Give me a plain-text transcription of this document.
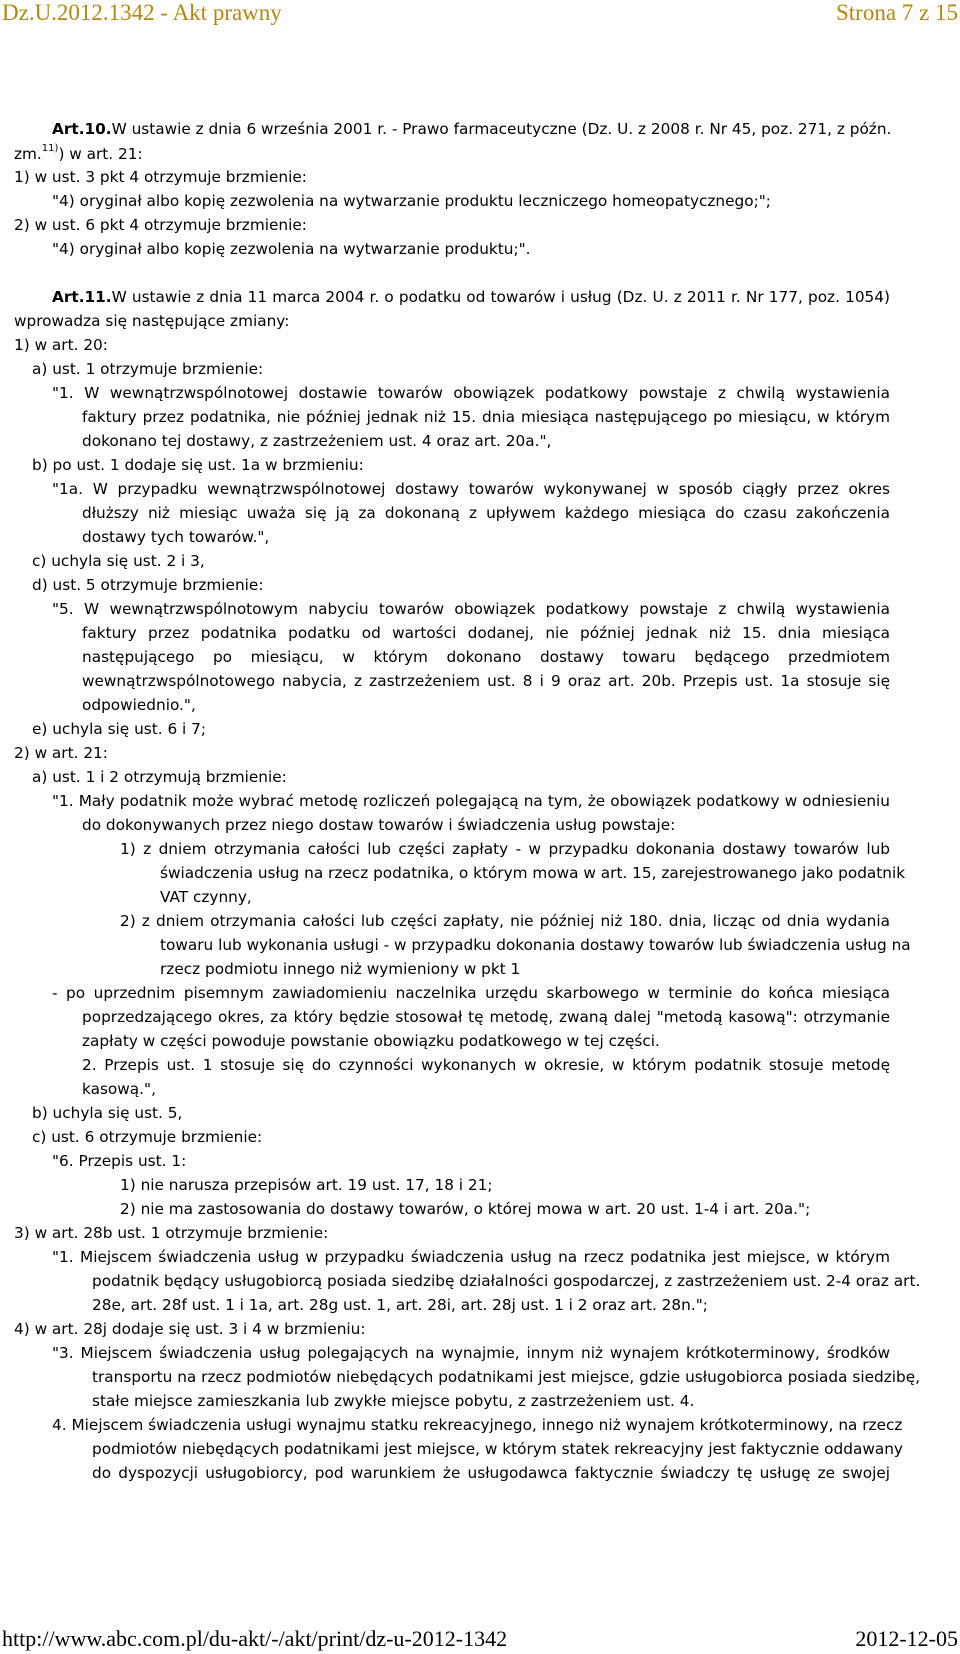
Dz.U.2012.1342 - Akt prawny	Strona 7 z 15
Art.10.W ustawie z dnia 6 września 2001 r. - Prawo farmaceutyczne (Dz. U. z 2008 r. Nr 45, poz. 271, z późn.
zm.$^{11)}$) w art. 21:
1) w ust. 3 pkt 4 otrzymuje brzmienie:
"4) oryginał albo kopię zezwolenia na wytwarzanie produktu leczniczego homeopatycznego;";
2) w ust. 6 pkt 4 otrzymuje brzmienie:
"4) oryginał albo kopię zezwolenia na wytwarzanie produktu;".
Art.11.W ustawie z dnia 11 marca 2004 r. o podatku od towarów i usług (Dz. U. z 2011 r. Nr 177, poz. 1054)
wprowadza się następujące zmiany:
1) w art. 20:
a) ust. 1 otrzymuje brzmienie:
"1. W wewnątrzwspólnotowej dostawie towarów obowiązek podatkowy powstaje z chwilą wystawienia
faktury przez podatnika, nie później jednak niż 15. dnia miesiąca następującego po miesiącu, w którym
dokonano tej dostawy, z zastrzeżeniem ust. 4 oraz art. 20a.",
b) po ust. 1 dodaje się ust. 1a w brzmieniu:
"1a. W przypadku wewnątrzwspólnotowej dostawy towarów wykonywanej w sposób ciągły przez okres
dłuższy niż miesiąc uważa się ją za dokonaną z upływem każdego miesiąca do czasu zakończenia
dostawy tych towarów.",
c) uchyla się ust. 2 i 3,
d) ust. 5 otrzymuje brzmienie:
"5. W wewnątrzwspólnotowym nabyciu towarów obowiązek podatkowy powstaje z chwilą wystawienia
faktury przez podatnika podatku od wartości dodanej, nie później jednak niż 15. dnia miesiąca
następującego po miesiącu, w którym dokonano dostawy towaru będącego przedmiotem
wewnątrzwspólnotowego nabycia, z zastrzeżeniem ust. 8 i 9 oraz art. 20b. Przepis ust. 1a stosuje się
odpowiednio.",
e) uchyla się ust. 6 i 7;
2) w art. 21:
a) ust. 1 i 2 otrzymują brzmienie:
"1. Mały podatnik może wybrać metodę rozliczeń polegającą na tym, że obowiązek podatkowy w odniesieniu
do dokonywanych przez niego dostaw towarów i świadczenia usług powstaje:
1) z dniem otrzymania całości lub części zapłaty - w przypadku dokonania dostawy towarów lub
świadczenia usług na rzecz podatnika, o którym mowa w art. 15, zarejestrowanego jako podatnik
VAT czynny,
2) z dniem otrzymania całości lub części zapłaty, nie później niż 180. dnia, licząc od dnia wydania
towaru lub wykonania usługi - w przypadku dokonania dostawy towarów lub świadczenia usług na
rzecz podmiotu innego niż wymieniony w pkt 1
- po uprzednim pisemnym zawiadomieniu naczelnika urzędu skarbowego w terminie do końca miesiąca
poprzedzającego okres, za który będzie stosował tę metodę, zwaną dalej "metodą kasową": otrzymanie
zapłaty w części powoduje powstanie obowiązku podatkowego w tej części.
2. Przepis ust. 1 stosuje się do czynności wykonanych w okresie, w którym podatnik stosuje metodę
kasową.",
b) uchyla się ust. 5,
c) ust. 6 otrzymuje brzmienie:
"6. Przepis ust. 1:
1) nie narusza przepisów art. 19 ust. 17, 18 i 21;
2) nie ma zastosowania do dostawy towarów, o której mowa w art. 20 ust. 1-4 i art. 20a.";
3) w art. 28b ust. 1 otrzymuje brzmienie:
"1. Miejscem świadczenia usług w przypadku świadczenia usług na rzecz podatnika jest miejsce, w którym
podatnik będący usługobiorcą posiada siedzibę działalności gospodarczej, z zastrzeżeniem ust. 2-4 oraz art.
28e, art. 28f ust. 1 i 1a, art. 28g ust. 1, art. 28i, art. 28j ust. 1 i 2 oraz art. 28n.";
4) w art. 28j dodaje się ust. 3 i 4 w brzmieniu:
"3. Miejscem świadczenia usług polegających na wynajmie, innym niż wynajem krótkoterminowy, środków
transportu na rzecz podmiotów niebędących podatnikami jest miejsce, gdzie usługobiorca posiada siedzibę,
stałe miejsce zamieszkania lub zwykłe miejsce pobytu, z zastrzeżeniem ust. 4.
4. Miejscem świadczenia usługi wynajmu statku rekreacyjnego, innego niż wynajem krótkoterminowy, na rzecz
podmiotów niebędących podatnikami jest miejsce, w którym statek rekreacyjny jest faktycznie oddawany
do dyspozycji usługobiorcy, pod warunkiem że usługodawca faktycznie świadczy tę usługę ze swojej
http://www.abc.com.pl/du-akt/-/akt/print/dz-u-2012-1342	2012-12-05
